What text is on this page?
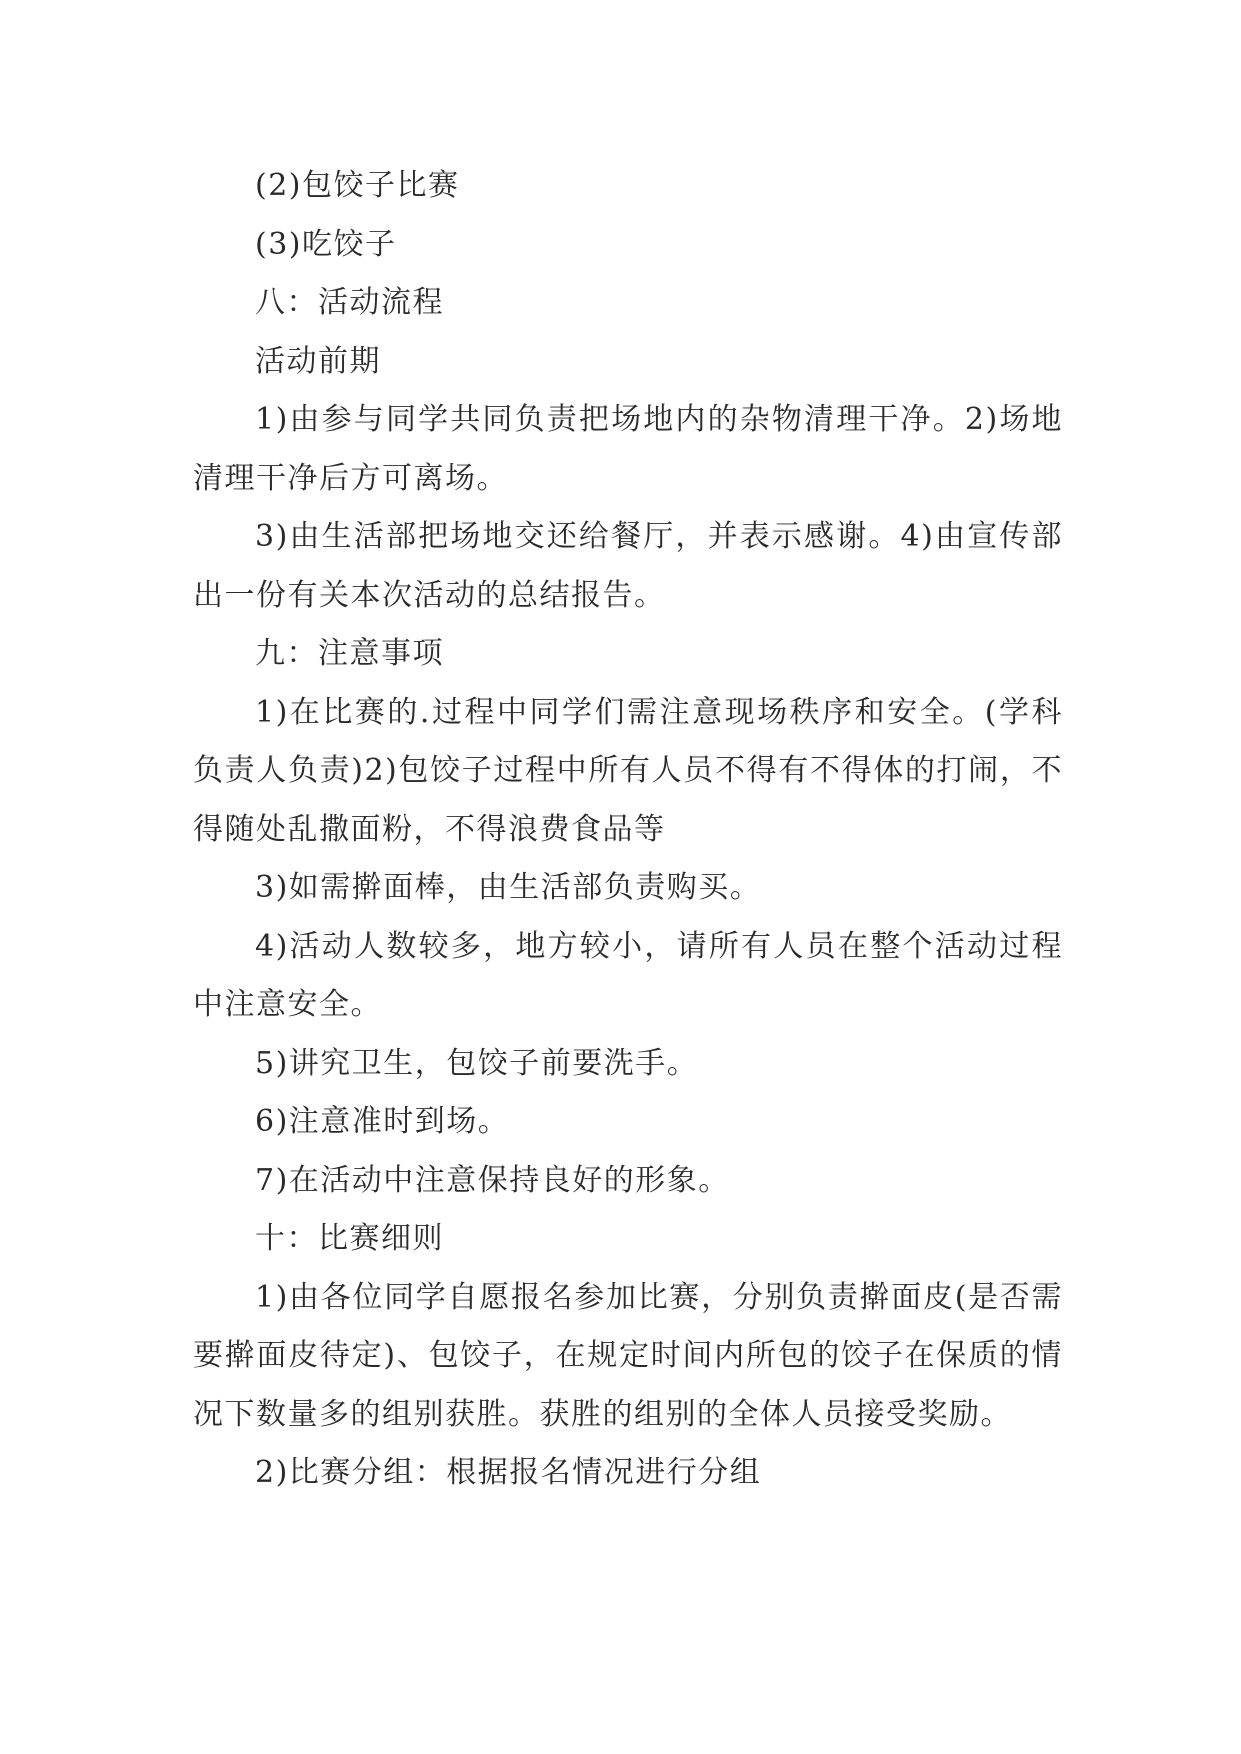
(2)包饺子比赛

(3)吃饺子

八：活动流程

活动前期

1)由参与同学共同负责把场地内的杂物清理干净。2)场地清理干净后方可离场。

3)由生活部把场地交还给餐厅，并表示感谢。4)由宣传部出一份有关本次活动的总结报告。

九：注意事项

1)在比赛的.过程中同学们需注意现场秩序和安全。(学科负责人负责)2)包饺子过程中所有人员不得有不得体的打闹，不得随处乱撒面粉，不得浪费食品等

3)如需擀面棒，由生活部负责购买。

4)活动人数较多，地方较小，请所有人员在整个活动过程中注意安全。

5)讲究卫生，包饺子前要洗手。

6)注意准时到场。

7)在活动中注意保持良好的形象。

十：比赛细则

1)由各位同学自愿报名参加比赛，分别负责擀面皮(是否需要擀面皮待定)、包饺子，在规定时间内所包的饺子在保质的情况下数量多的组别获胜。获胜的组别的全体人员接受奖励。

2)比赛分组：根据报名情况进行分组
